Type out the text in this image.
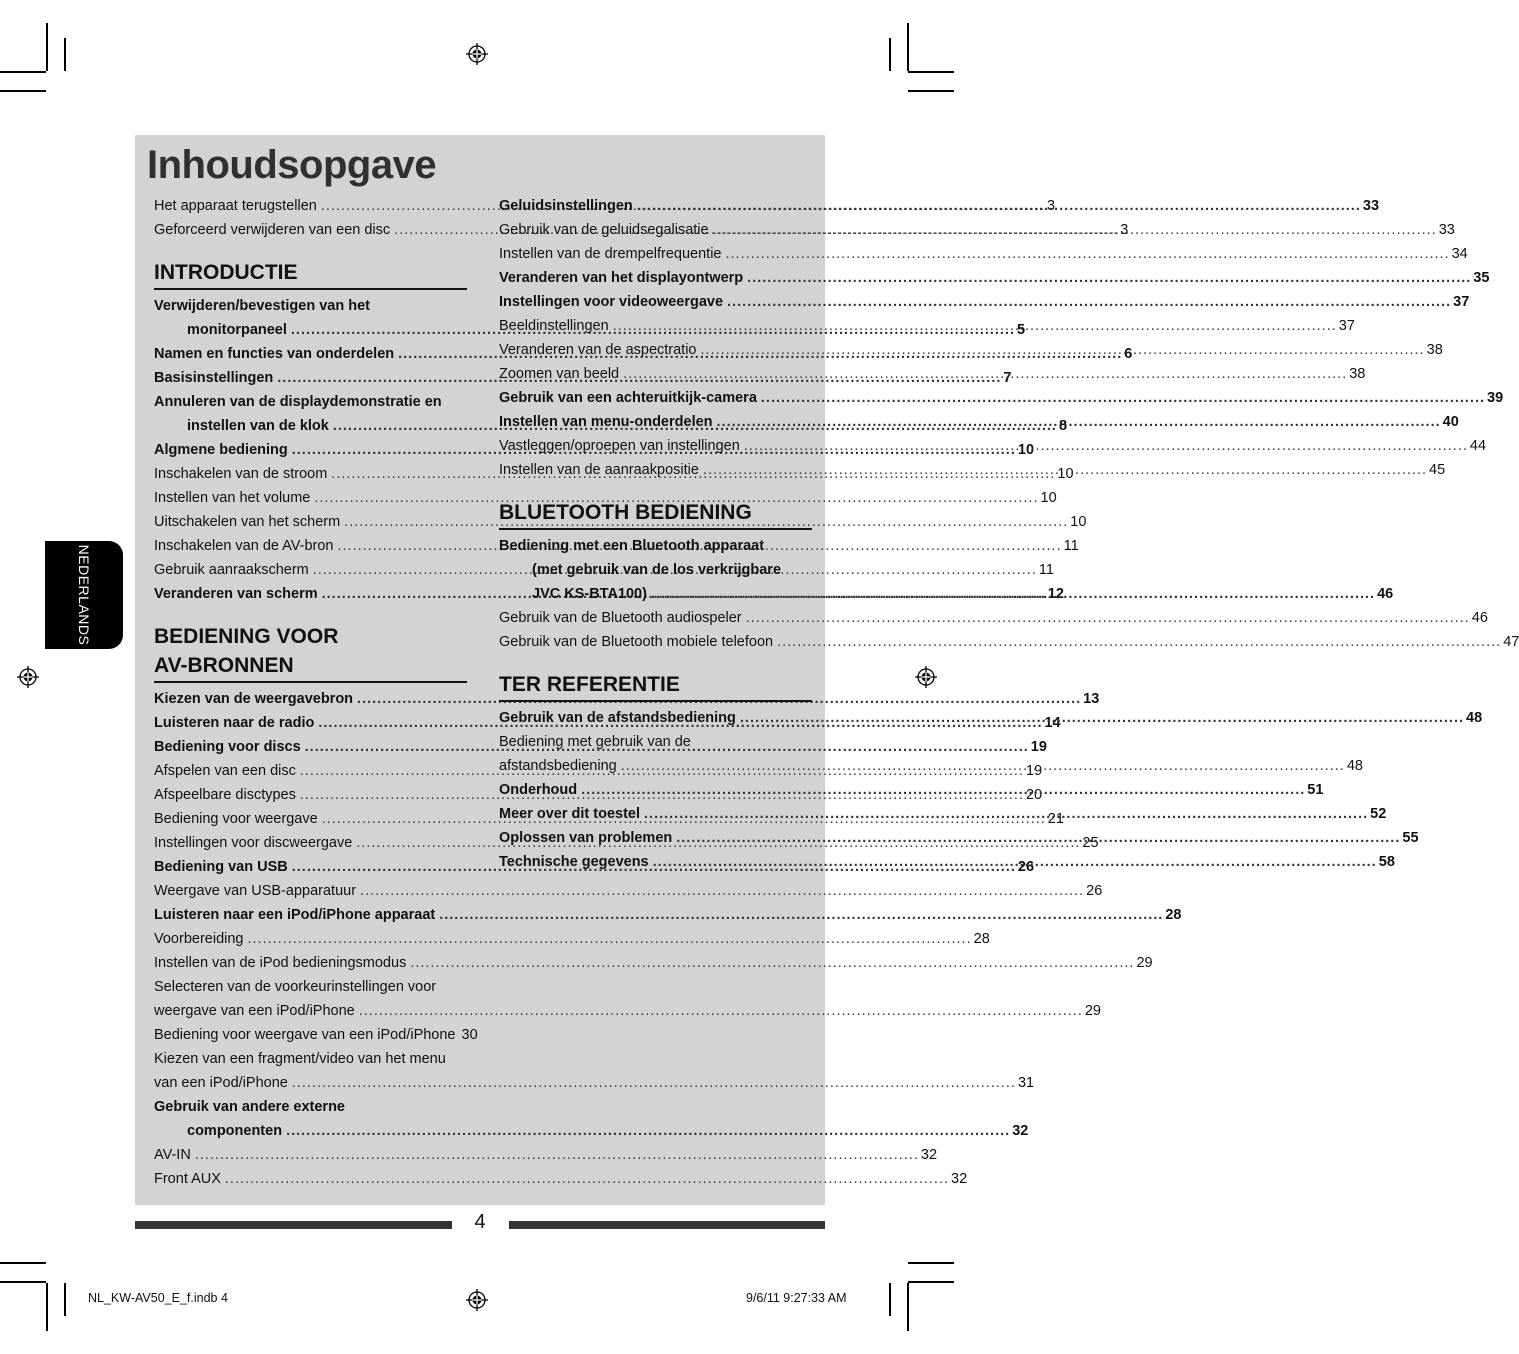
Inhoudsopgave
NEDERLANDS
Het apparaat terugstellen .....	3
Geforceerd verwijderen van een disc .....	3
INTRODUCTIE
Verwijderen/bevestigen van het
monitorpaneel .....	5
Namen en functies van onderdelen .....	6
Basisinstellingen .....	7
Annuleren van de displaydemonstratie en
instellen van de klok .....	8
Algmene bediening .....	10
Inschakelen van de stroom .....	10
Instellen van het volume .....	10
Uitschakelen van het scherm .....	10
Inschakelen van de AV-bron .....	11
Gebruik aanraakscherm .....	11
Veranderen van scherm .....	12
BEDIENING VOOR
AV-BRONNEN
Kiezen van de weergavebron .....	13
Luisteren naar de radio .....	14
Bediening voor discs .....	19
Afspelen van een disc .....	19
Afspeelbare disctypes .....	20
Bediening voor weergave .....	21
Instellingen voor discweergave .....	25
Bediening van USB .....	26
Weergave van USB-apparatuur .....	26
Luisteren naar een iPod/iPhone apparaat .....	28
Voorbereiding .....	28
Instellen van de iPod bedieningsmodus .....	29
Selecteren van de voorkeurinstellingen voor
weergave van een iPod/iPhone .....	29
Bediening voor weergave van een iPod/iPhone 30
Kiezen van een fragment/video van het menu
van een iPod/iPhone .....	31
Gebruik van andere externe
componenten .....	32
AV-IN .....	32
Front AUX .....	32
Geluidsinstellingen .....	33
Gebruik van de geluidsegalisatie .....	33
Instellen van de drempelfrequentie .....	34
Veranderen van het displayontwerp .....	35
Instellingen voor videoweergave .....	37
Beeldinstellingen .....	37
Veranderen van de aspectratio .....	38
Zoomen van beeld .....	38
Gebruik van een achteruitkijk-camera .....	39
Instellen van menu-onderdelen .....	40
Vastleggen/oproepen van instellingen .....	44
Instellen van de aanraakpositie .....	45
BLUETOOTH BEDIENING
Bediening met een Bluetooth apparaat
(met gebruik van de los verkrijgbare
JVC KS-BTA100) .....	46
Gebruik van de Bluetooth audiospeler .....	46
Gebruik van de Bluetooth mobiele telefoon .....	47
TER REFERENTIE
Gebruik van de afstandsbediening .....	48
Bediening met gebruik van de
afstandsbediening .....	48
Onderhoud .....	51
Meer over dit toestel .....	52
Oplossen van problemen .....	55
Technische gegevens .....	58
4
NL_KW-AV50_E_f.indb 4	9/6/11 9:27:33 AM
